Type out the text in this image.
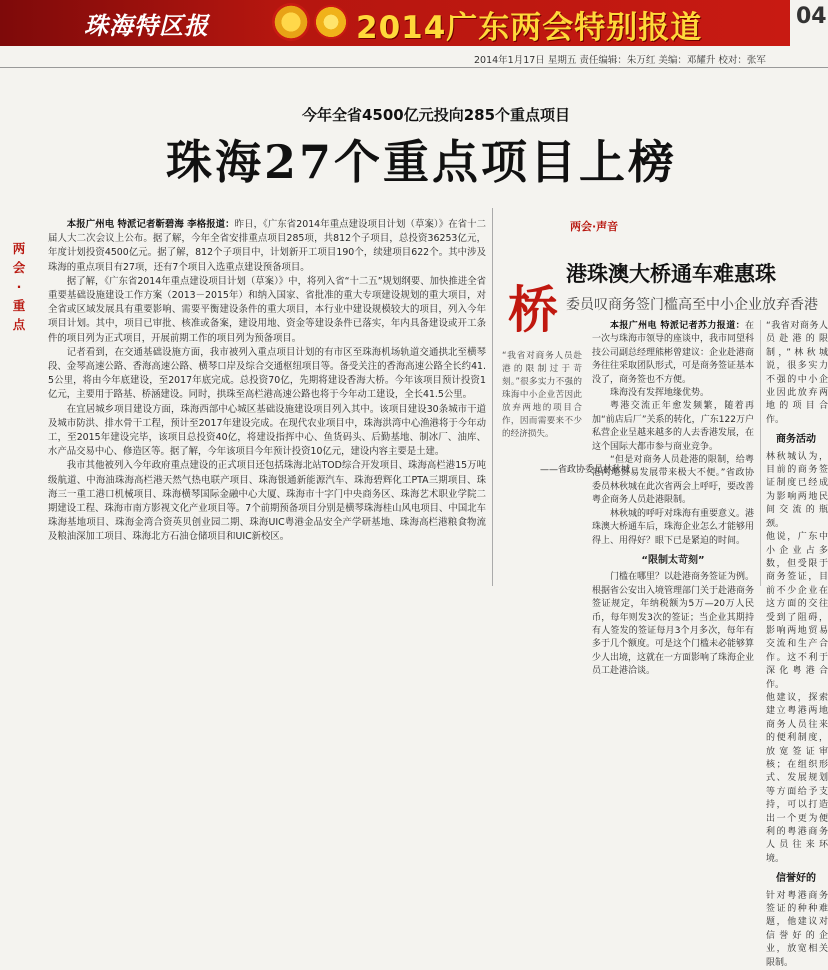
珠海特区报	2014广东两会特别报道	04
2014年1月17日 星期五 责任编辑：朱万红 美编：邓耀升 校对：张军
今年全省4500亿元投向285个重点项目
珠海27个重点项目上榜
两
会
·
重
点

本报广州电 特派记者靳碧海 李格报道：昨日，《广东省2014年重点建设项目计划（草案）》在省十二届人大二次会议上公布。据了解，今年全省安排重点项目285项，共812个子项目，总投资36253亿元，年度计划投资4500亿元。据了解，812个子项目中，计划新开工项目190个，续建项目622个。其中涉及珠海的重点项目有27项，还有7个项目入选重点建设预备项目。

据了解，《广东省2014年重点建设项目计划（草案）》中，将列入省“十二五”规划纲要、加快推进全省重要基础设施建设工作方案（2013－2015年）和纳入国家、省批准的重大专项建设规划的重大项目，对全省或区域发展具有重要影响、需要平衡建设条件的重大项目，本行业中建设规模较大的项目，列入今年项目计划。其中，项目已审批、核准或备案，建设用地、资金等建设条件已落实，年内具备建设或开工条件的项目列为正式项目，开展前期工作的项目列为预备项目。

记者看到，在交通基础设施方面，我市被列入重点项目计划的有市区至珠海机场轨道交通拱北至横琴段、金琴高速公路、香海高速公路、横琴口岸及综合交通枢纽项目等。备受关注的香海高速公路全长约41.5公里，将由今年底建设，至2017年底完成。总投资70亿，先期将建设香海大桥。今年该项目预计投资1亿元，主要用于路基、桥涵建设。同时，拱珠至高栏港高速公路也将于今年动工建设，全长41.5公里。

在宜居城乡项目建设方面，珠海西部中心城区基础设施建设项目列入其中。该项目建设30条城市干道及城市防洪、排水骨干工程，预计至2017年建设完成。在现代农业项目中，珠海洪湾中心渔港将于今年动工，至2015年建设完毕，该项目总投资40亿，将建设指挥中心、鱼货码头、后勤基地、制冰厂、油库、水产品交易中心、修造区等。据了解，今年该项目今年预计投资10亿元，建设内容主要是土建。

我市其他被列入今年政府重点建设的正式项目还包括珠海北站TOD综合开发项目、珠海高栏港15万吨级航道、中海油珠海高栏港天然气热电联产项目、珠海银通新能源汽车、珠海碧辉化工PTA三期项目、珠海三一重工港口机械项目、珠海横琴国际金融中心大厦、珠海市十字门中央商务区、珠海艺术职业学院二期建设工程、珠海市南方影视文化产业项目等。7个前期预备项目分别是横琴珠海桂山风电项目、中国北车珠海基地项目、珠海金湾合资英贝创业园二期、珠海UIC粤港金品安全产学研基地、珠海高栏港粮食物流及粮油深加工项目、珠海北方石油仓储项目和UIC新校区。

两会·声音
港珠澳大桥通车难惠珠
委员叹商务签门槛高至中小企业放弃香港
桥
“我省对商务人员赴港的限制过于苛刻。”很多实力不强的珠海中小企业苦因此放弃两地的项目合作，因而需要来不少的经济损失。
——省政协委员林秋城

本报广州电 特派记者苏力报道：在一次与珠海市领导的座谈中，我市同望科技公司副总经理熊彬曾建议：企业赴港商务往往采取团队形式，可是商务签证基本没了，商务签也不方便。

珠海没有发挥地缘优势。

粤港交流正年愈发频繁，随着再加“前店后厂”关系的转化，广东122万户私营企业呈越来越多的人去香港发展，在这个国际大都市参与商业竞争。

“但是对商务人员赴港的限制，给粤港两地贸易发展带来极大不便。”省政协委员林秋城在此次省两会上呼吁，要改善粤企商务人员赴港限制。

林秋城的呼吁对珠海有重要意义。港珠澳大桥通车后，珠海企业怎么才能够用得上、用得好？眼下已是紧迫的时间。

“限制太苛刻”

门槛在哪里？以赴港商务签证为例。根据省公安出入境管理部门关于赴港商务签证规定，年纳税额为5万—20万人民币，每年则发3次的签证；当企业其期持有人签发的签证每月3个月多次，每年有多于几个额度。可是这个门槛未必能够算少人出境，这就在一方面影响了珠海企业员工赴港洽谈。

“我省对商务人员赴港的限制，”林秋城说，很多实力不强的中小企业因此放弃两地的项目合作。

商务活动

林秋城认为，目前的商务签证制度已经成为影响两地民间交流的瓶颈。

他说，广东中小企业占多数，但受限于商务签证，目前不少企业在这方面的交往受到了阻碍，影响两地贸易交流和生产合作。这不利于深化粤港合作。

他建议，探索建立粤港两地商务人员往来的便利制度，放宽签证审核；在组织形式、发展规划等方面给予支持，可以打造出一个更为便利的粤港商务人员往来环境。

信誉好的

针对粤港商务签证的种种难题，他建议对信誉好的企业，放宽相关限制。
